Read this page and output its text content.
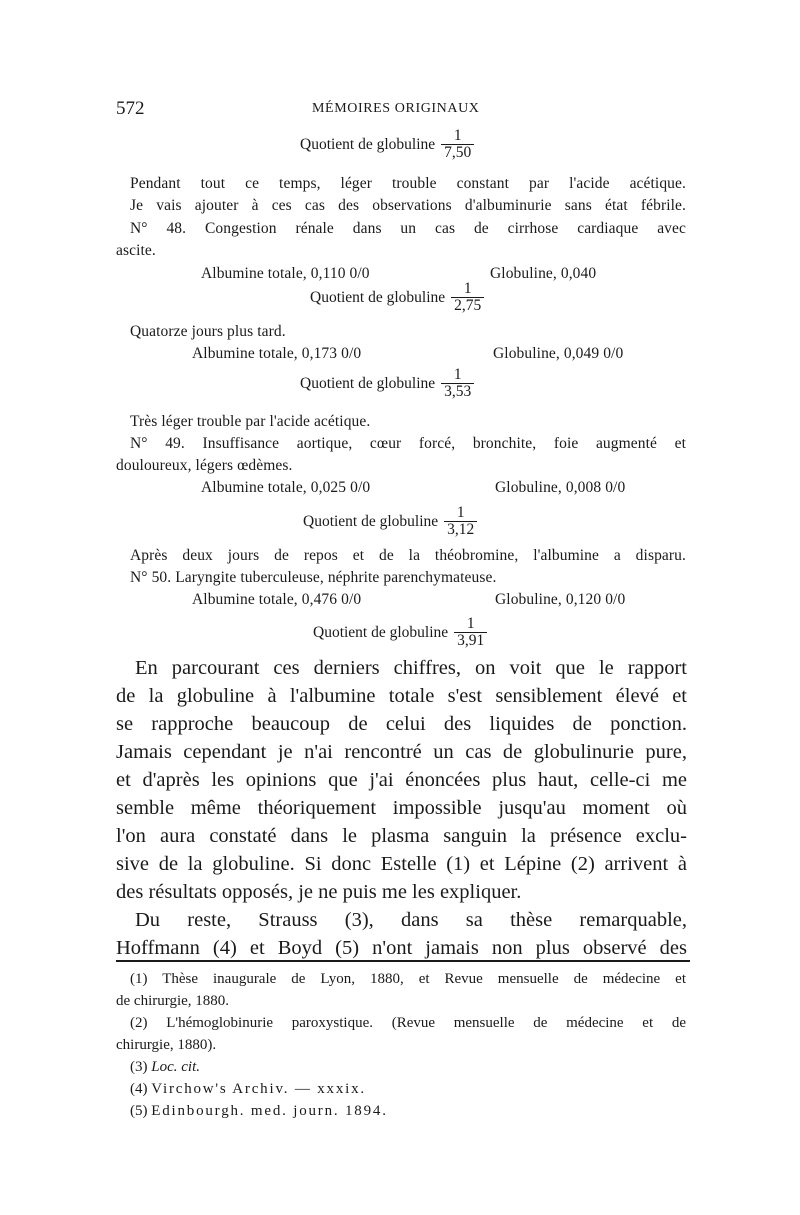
572	MÉMOIRES ORIGINAUX
Quotient de globuline $\frac{1}{7,50}$
Pendant tout ce temps, léger trouble constant par l'acide acétique.
Je vais ajouter à ces cas des observations d'albuminurie sans état fébrile.
N° 48. Congestion rénale dans un cas de cirrhose cardiaque avec
ascite.
Albumine totale, 0,110 0/0	Globuline, 0,040
Quotient de globuline $\frac{1}{2,75}$
Quatorze jours plus tard.
Albumine totale, 0,173 0/0	Globuline, 0,049 0/0
Quotient de globuline $\frac{1}{3,53}$
Très léger trouble par l'acide acétique.
N° 49. Insuffisance aortique, cœur forcé, bronchite, foie augmenté et
douloureux, légers œdèmes.
Albumine totale, 0,025 0/0	Globuline, 0,008 0/0
Quotient de globuline $\frac{1}{3,12}$
Après deux jours de repos et de la théobromine, l'albumine a disparu.
N° 50. Laryngite tuberculeuse, néphrite parenchymateuse.
Albumine totale, 0,476 0/0	Globuline, 0,120 0/0
Quotient de globuline $\frac{1}{3,91}$
En parcourant ces derniers chiffres, on voit que le rapport
de la globuline à l'albumine totale s'est sensiblement élevé et
se rapproche beaucoup de celui des liquides de ponction.
Jamais cependant je n'ai rencontré un cas de globulinurie pure,
et d'après les opinions que j'ai énoncées plus haut, celle-ci me
semble même théoriquement impossible jusqu'au moment où
l'on aura constaté dans le plasma sanguin la présence exclu-
sive de la globuline. Si donc Estelle (1) et Lépine (2) arrivent à
des résultats opposés, je ne puis me les expliquer.
Du reste, Strauss (3), dans sa thèse remarquable,
Hoffmann (4) et Boyd (5) n'ont jamais non plus observé des
(1) Thèse inaugurale de Lyon, 1880, et Revue mensuelle de médecine et
de chirurgie, 1880.
(2) L'hémoglobinurie paroxystique. (Revue mensuelle de médecine et de
chirurgie, 1880).
(3) Loc. cit.
(4) Virchow's Archiv. — xxxix.
(5) Edinbourgh. med. journ. 1894.
